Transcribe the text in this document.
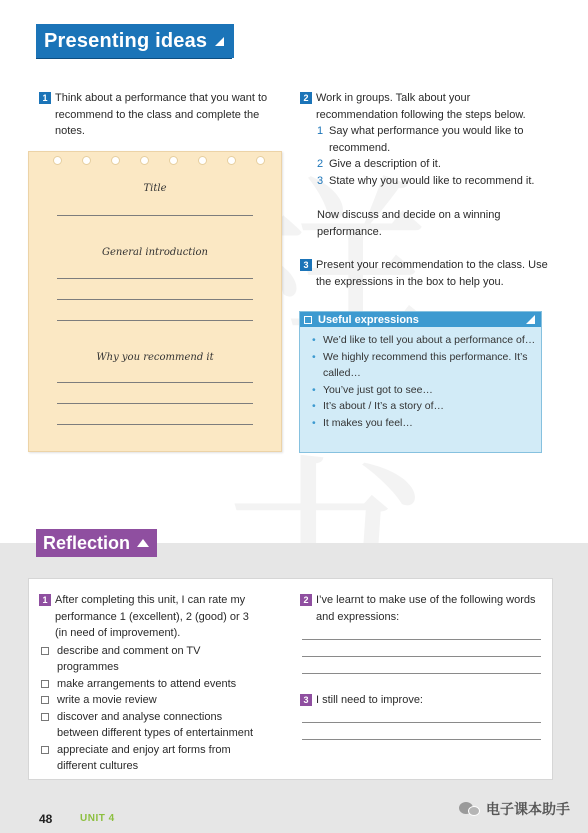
Presenting ideas
1 Think about a performance that you want to recommend to the class and complete the notes.
Title
General introduction
Why you recommend it
2 Work in groups. Talk about your recommendation following the steps below.
1 Say what performance you would like to recommend.
2 Give a description of it.
3 State why you would like to recommend it.
Now discuss and decide on a winning performance.
3 Present your recommendation to the class. Use the expressions in the box to help you.
Useful expressions
• We’d like to tell you about a performance of…
• We highly recommend this performance. It’s called…
• You’ve just got to see…
• It’s about / It’s a story of…
• It makes you feel…
Reflection
1 After completing this unit, I can rate my performance 1 (excellent), 2 (good) or 3 (in need of improvement).
describe and comment on TV programmes
make arrangements to attend events
write a movie review
discover and analyse connections between different types of entertainment
appreciate and enjoy art forms from different cultures
2 I’ve learnt to make use of the following words and expressions:
3 I still need to improve:
48	UNIT 4
电子课本助手
